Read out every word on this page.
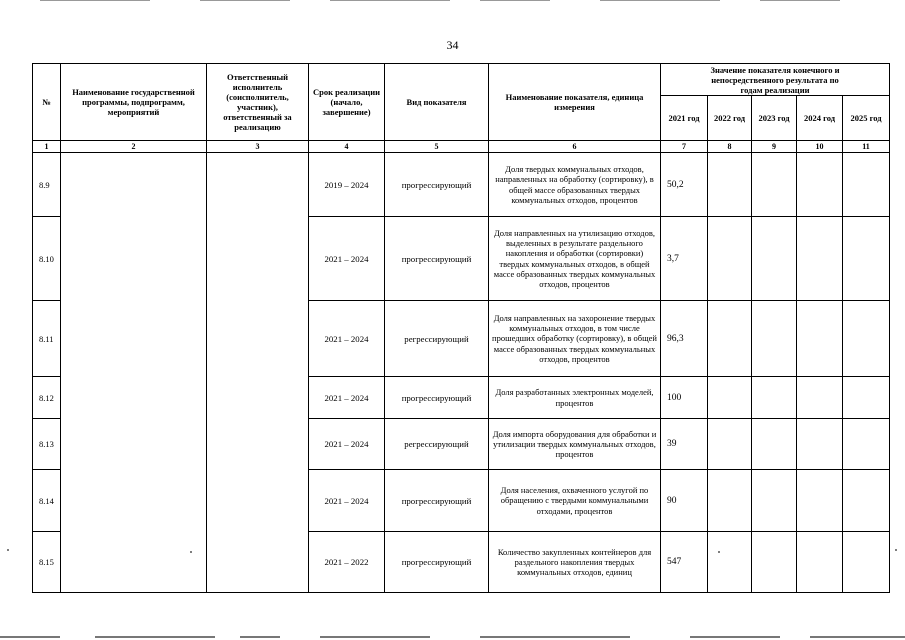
34
№	Наименование государственной программы, подпрограмм, мероприятий	Ответственный исполнитель (соисполнитель, участник), ответственный за реализацию	Срок реализации (начало, завершение)	Вид показателя	Наименование показателя, единица измерения	Значение показателя конечного и непосредственного результата по годам реализации				
						2021 год	2022 год	2023 год	2024 год	2025 год
1	2	3	4	5	6	7	8	9	10	11
8.9			2019 – 2024	прогрессирующий	Доля твердых коммунальных отходов, направленных на обработку (сортировку), в общей массе образованных твердых коммунальных отходов, процентов	50,2				
8.10			2021 – 2024	прогрессирующий	Доля направленных на утилизацию отходов, выделенных в результате раздельного накопления и обработки (сортировки) твердых коммунальных отходов, в общей массе образованных твердых коммунальных отходов, процентов	3,7				
8.11			2021 – 2024	регрессирующий	Доля направленных на захоронение твердых коммунальных отходов, в том числе прошедших обработку (сортировку), в общей массе образованных твердых коммунальных отходов, процентов	96,3				
8.12			2021 – 2024	прогрессирующий	Доля разработанных электронных моделей, процентов	100				
8.13			2021 – 2024	регрессирующий	Доля импорта оборудования для обработки и утилизации твердых коммунальных отходов, процентов	39				
8.14			2021 – 2024	прогрессирующий	Доля населения, охваченного услугой по обращению с твердыми коммунальными отходами, процентов	90				
8.15			2021 – 2022	прогрессирующий	Количество закупленных контейнеров для раздельного накопления твердых коммунальных отходов, единиц	547				
